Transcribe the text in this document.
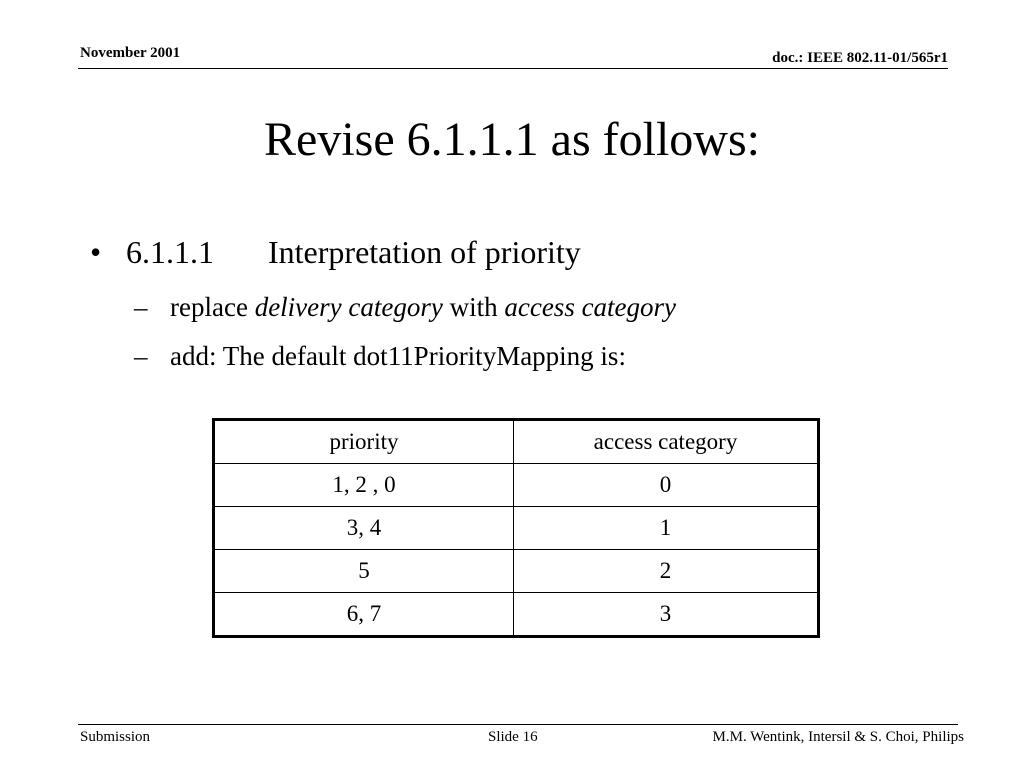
November 2001	doc.: IEEE 802.11-01/565r1
Revise 6.1.1.1 as follows:
• 6.1.1.1 Interpretation of priority
– replace delivery category with access category
– add: The default dot11PriorityMapping is:
priority	access category
1, 2 , 0	0
3, 4	1
5	2
6, 7	3
Submission	Slide 16	M.M. Wentink, Intersil & S. Choi, Philips
